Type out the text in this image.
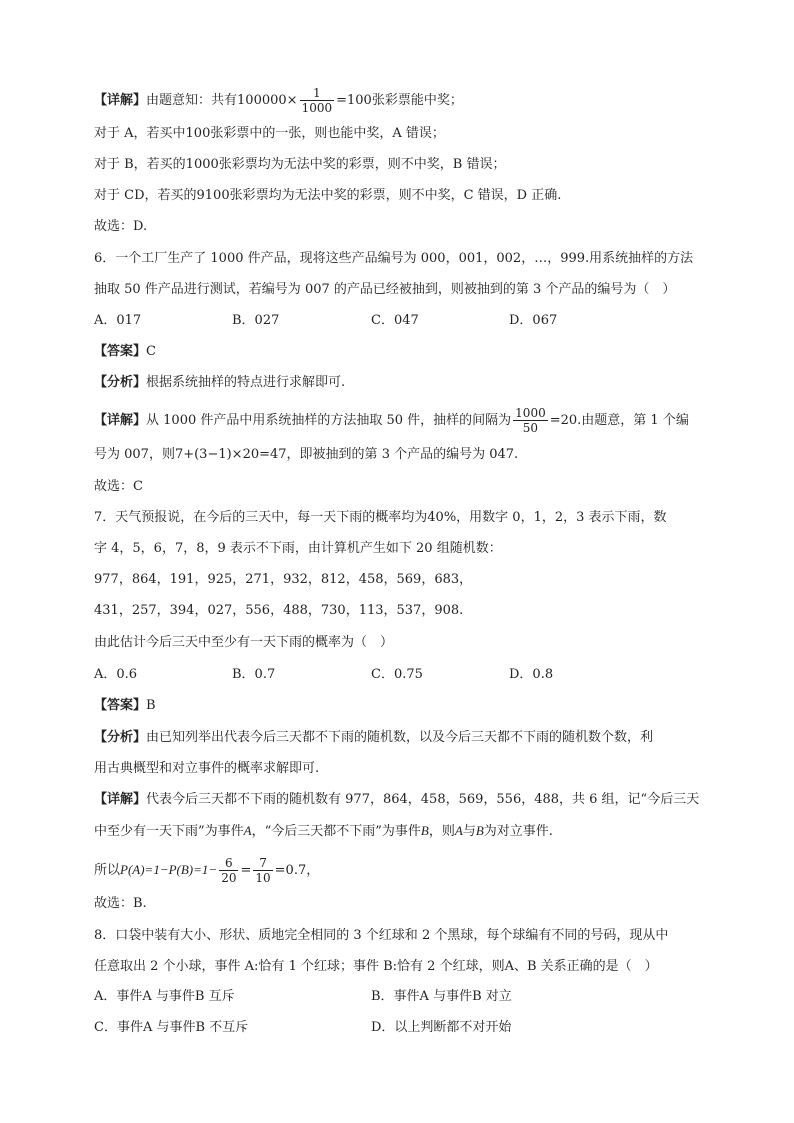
【详解】由题意知：共有$100000\times \frac{1}{1000} =100$张彩票能中奖；
对于 A，若买中100张彩票中的一张，则也能中奖，A 错误；
对于 B，若买的1000张彩票均为无法中奖的彩票，则不中奖，B 错误；
对于 CD，若买的9100张彩票均为无法中奖的彩票，则不中奖，C 错误，D 正确.
故选：D.
6．一个工厂生产了 1000 件产品，现将这些产品编号为 000，001，002，…，999.用系统抽样的方法
抽取 50 件产品进行测试，若编号为 007 的产品已经被抽到，则被抽到的第 3 个产品的编号为（　）
A．017	B．027	C．047	D．067
【答案】C
【分析】根据系统抽样的特点进行求解即可.
【详解】从 1000 件产品中用系统抽样的方法抽取 50 件，抽样的间隔为 $\frac{1000}{50} =20$.由题意，第 1 个编
号为 007，则7+(3−1)×20=47，即被抽到的第 3 个产品的编号为 047.
故选：C
7．天气预报说，在今后的三天中，每一天下雨的概率均为40%，用数字 0，1，2，3 表示下雨，数
字 4，5，6，7，8，9 表示不下雨，由计算机产生如下 20 组随机数：
977，864，191，925，271，932，812，458，569，683，
431，257，394，027，556，488，730，113，537，908.
由此估计今后三天中至少有一天下雨的概率为（　）
A．0.6	B．0.7	C．0.75	D．0.8
【答案】B
【分析】由已知列举出代表今后三天都不下雨的随机数，以及今后三天都不下雨的随机数个数，利
用古典概型和对立事件的概率求解即可.
【详解】代表今后三天都不下雨的随机数有 977，864，458，569，556，488，共 6 组，记“今后三天
中至少有一天下雨”为事件A，“今后三天都不下雨”为事件B，则A与B为对立事件.
所以$P(A)=1-P(B)=1- \frac{6}{20} = \frac{7}{10} =0.7$，
故选：B.
8．口袋中装有大小、形状、质地完全相同的 3 个红球和 2 个黑球，每个球编有不同的号码，现从中
任意取出 2 个小球，事件 A:恰有 1 个红球；事件 B:恰有 2 个红球，则A、B 关系正确的是（　）
A．事件A 与事件B 互斥	B．事件A 与事件B 对立
C．事件A 与事件B 不互斥	D．以上判断都不对开始
